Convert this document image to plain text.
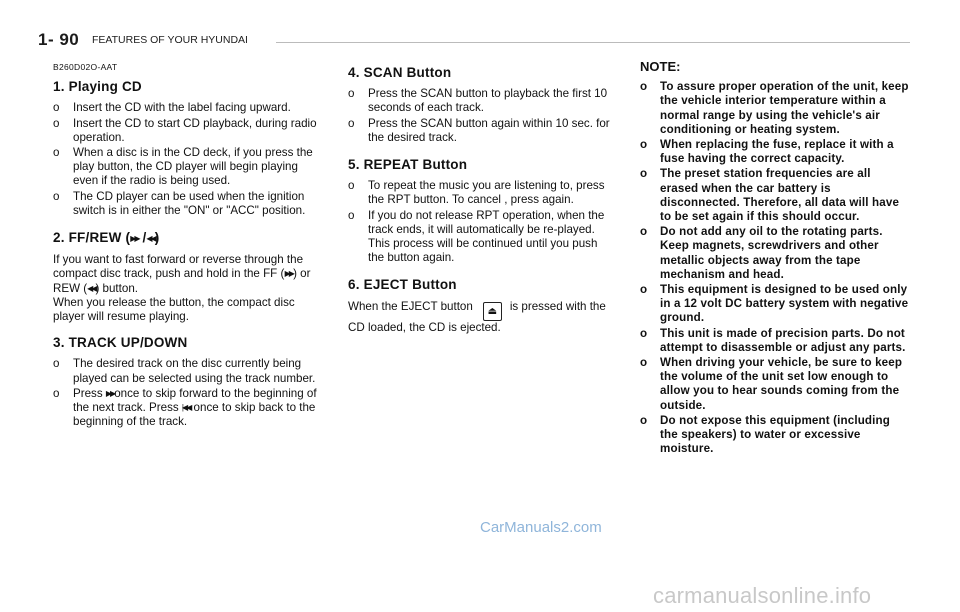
1- 90 FEATURES OF YOUR HYUNDAI
B260D02O-AAT
1. Playing CD
o Insert the CD with the label facing upward.
o Insert the CD to start CD playback, during radio operation.
o When a disc is in the CD deck, if you press the play button, the CD player will begin playing even if the radio is being used.
o The CD player can be used when the ignition switch is in either the "ON" or "ACC" position.
2. FF/REW (▶▶ /◀◀)

If you want to fast forward or reverse through the compact disc track, push and hold in the FF ( ▶▶ ) or REW (◀◀) button.

When you release the button, the compact disc player will resume playing.

3. TRACK UP/DOWN
o The desired track on the disc currently being played can be selected using the track number.
o Press ▶▶once to skip forward to the beginning of the next track. Press |◀◀ once to skip back to the beginning of the track.
4. SCAN Button
o Press the SCAN button to playback the first 10 seconds of each track.
o Press the SCAN button again within 10 sec. for the desired track.
5. REPEAT Button
o To repeat the music you are listening to, press the RPT button. To cancel , press again.
o If you do not release RPT operation, when the track ends, it will automatically be re-played.
This process will be continued until you push the button again.
6. EJECT Button

When the EJECT button ⏏ is pressed with the CD loaded, the CD is ejected.

NOTE:
o To assure proper operation of the unit, keep the vehicle interior temperature within a normal range by using the vehicle's air conditioning or heating system.
o When replacing the fuse, replace it with a fuse having the correct capacity.
o The preset station frequencies are all erased when the car battery is disconnected. Therefore, all data will have to be set again if this should occur.
o Do not add any oil to the rotating parts. Keep magnets, screwdrivers and other metallic objects away from the tape mechanism and head.
o This equipment is designed to be used only in a 12 volt DC battery system with negative ground.
o This unit is made of precision parts. Do not attempt to disassemble or adjust any parts.
o When driving your vehicle, be sure to keep the volume of the unit set low enough to allow you to hear sounds coming from the outside.
o Do not expose this equipment (including the speakers) to water or excessive moisture.
CarManuals2.com
carmanualsonline.info
